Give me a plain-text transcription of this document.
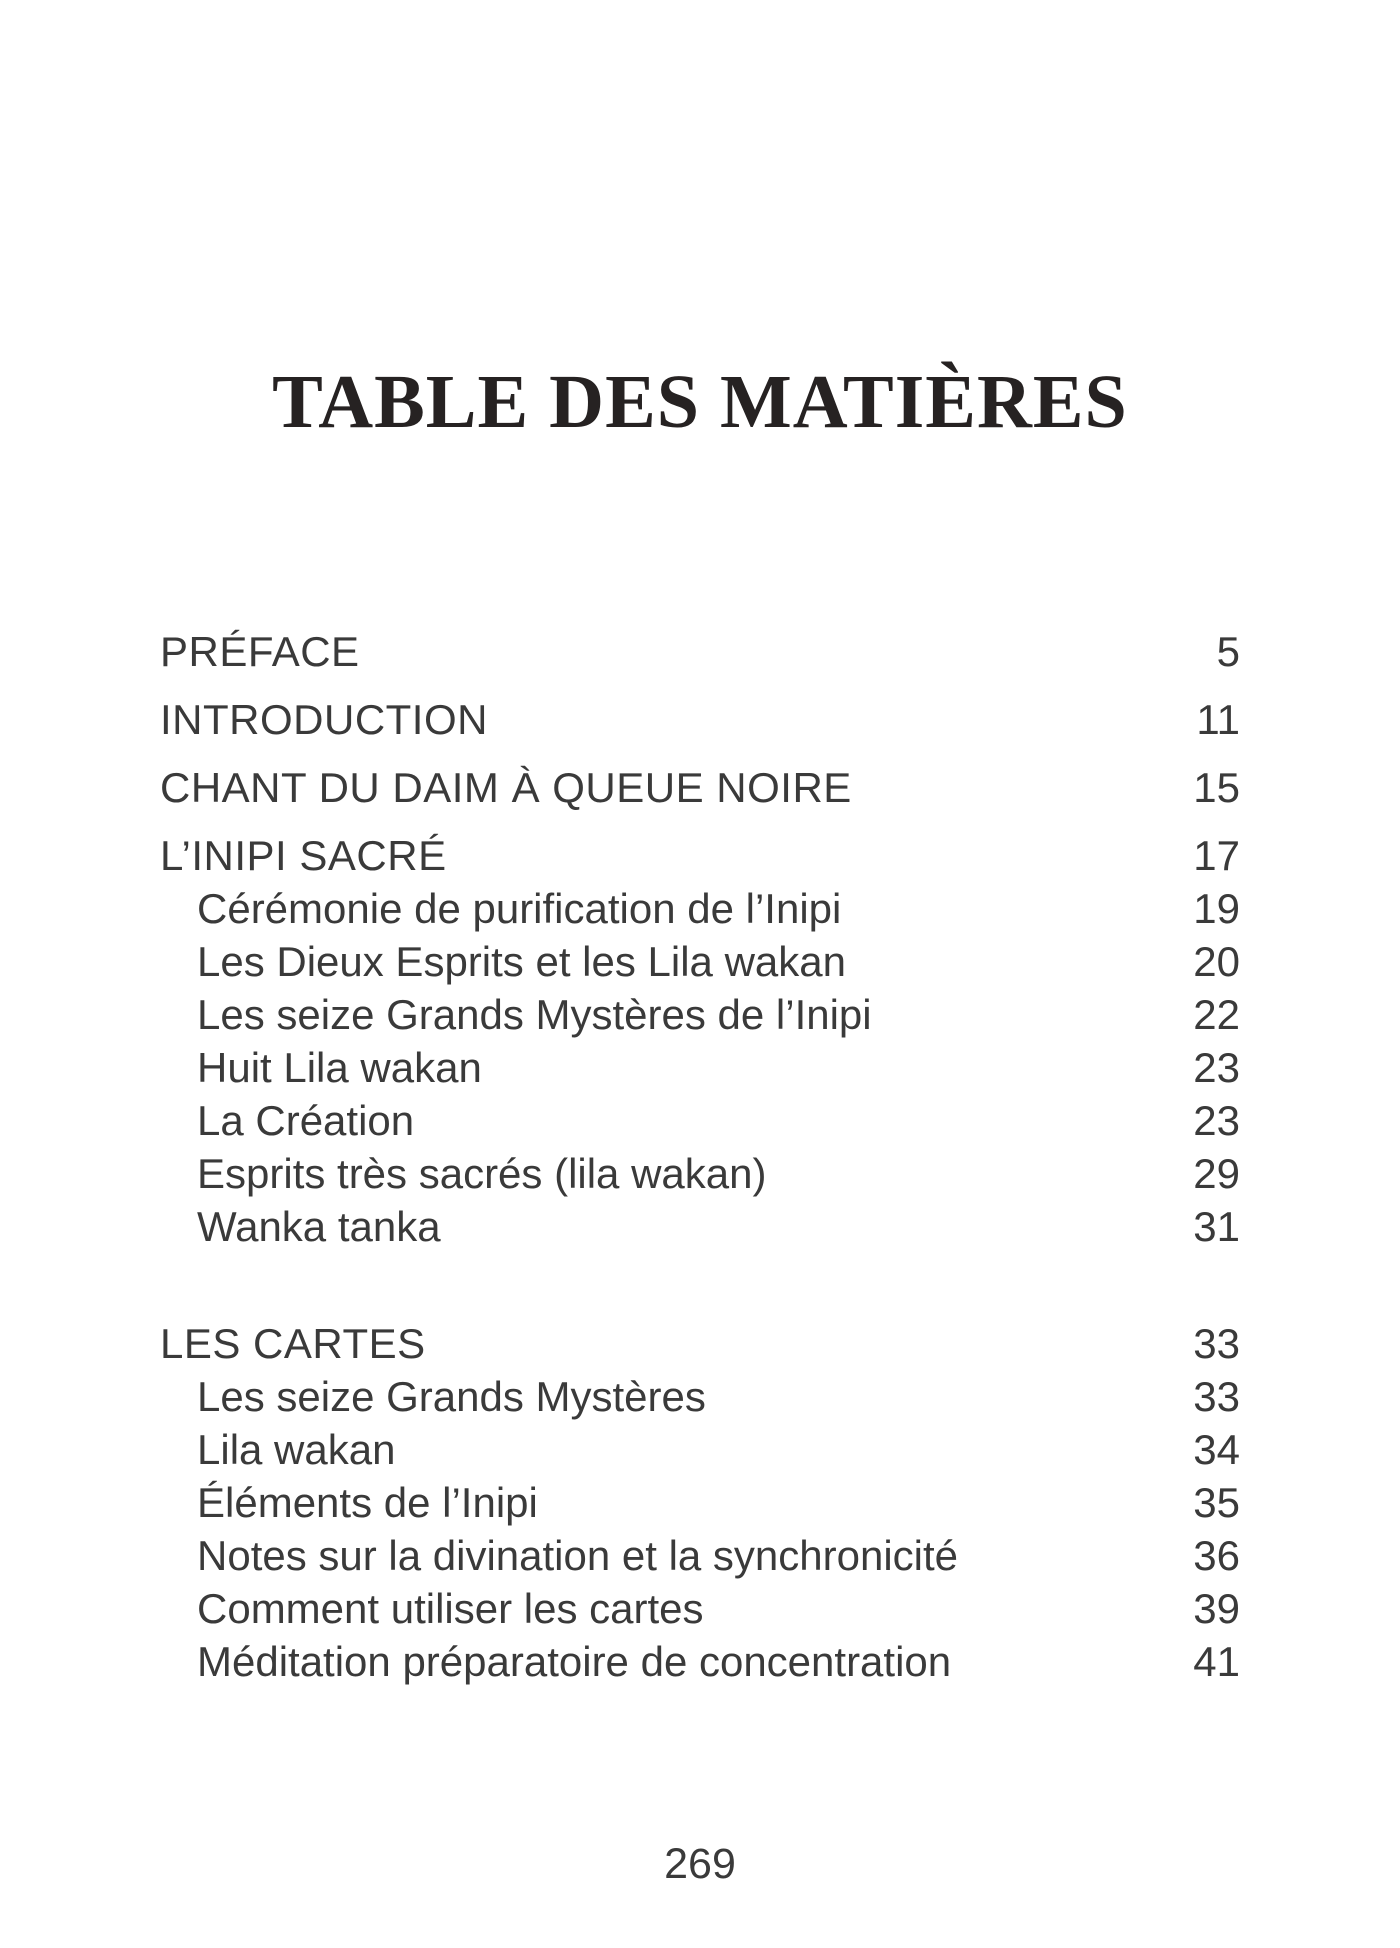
TABLE DES MATIÈRES
PRÉFACE	5
INTRODUCTION	11
CHANT DU DAIM À QUEUE NOIRE	15
L’INIPI SACRÉ	17
Cérémonie de purification de l’Inipi	19
Les Dieux Esprits et les Lila wakan	20
Les seize Grands Mystères de l’Inipi	22
Huit Lila wakan	23
La Création	23
Esprits très sacrés (lila wakan)	29
Wanka tanka	31
LES CARTES	33
Les seize Grands Mystères	33
Lila wakan	34
Éléments de l’Inipi	35
Notes sur la divination et la synchronicité	36
Comment utiliser les cartes	39
Méditation préparatoire de concentration	41
269
